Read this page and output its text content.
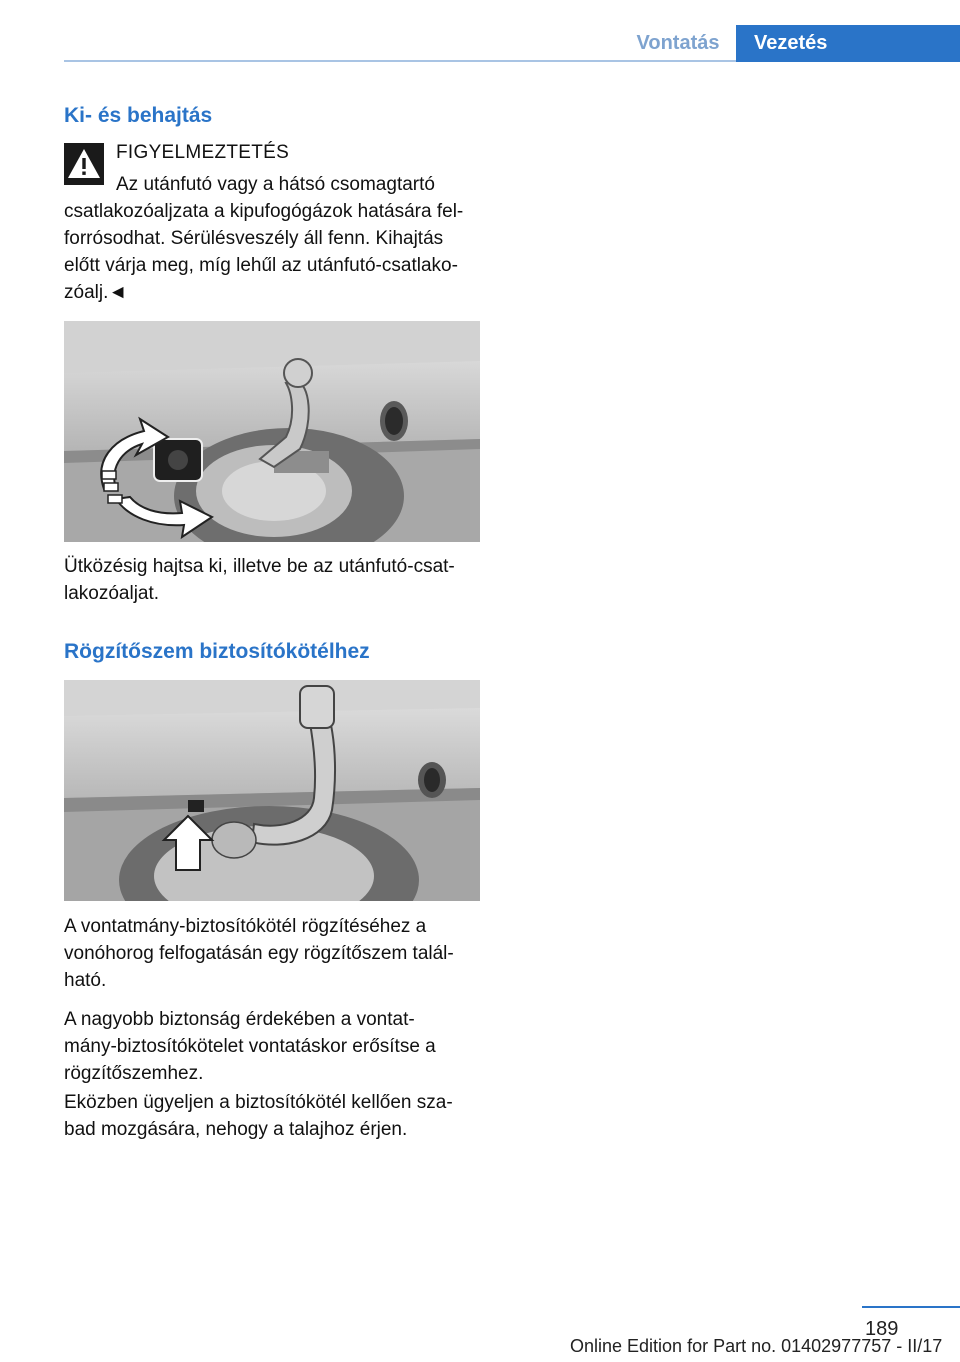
Vontatás	Vezetés
Ki- és behajtás
FIGYELMEZTETÉS
Az utánfutó vagy a hátsó csomagtartó
csatlakozóaljzata a kipufogógázok hatására fel-
forrósodhat. Sérülésveszély áll fenn. Kihajtás
előtt várja meg, míg lehűl az utánfutó-csatlako-
zóalj.◄
Ütközésig hajtsa ki, illetve be az utánfutó-csat-
lakozóaljat.
Rögzítőszem biztosítókötélhez
A vontatmány-biztosítókötél rögzítéséhez a
vonóhorog felfogatásán egy rögzítőszem talál-
ható.
A nagyobb biztonság érdekében a vontat-
mány-biztosítókötelet vontatáskor erősítse a
rögzítőszemhez.
Eközben ügyeljen a biztosítókötél kellően sza-
bad mozgására, nehogy a talajhoz érjen.
189
Online Edition for Part no. 01402977757 - II/17
